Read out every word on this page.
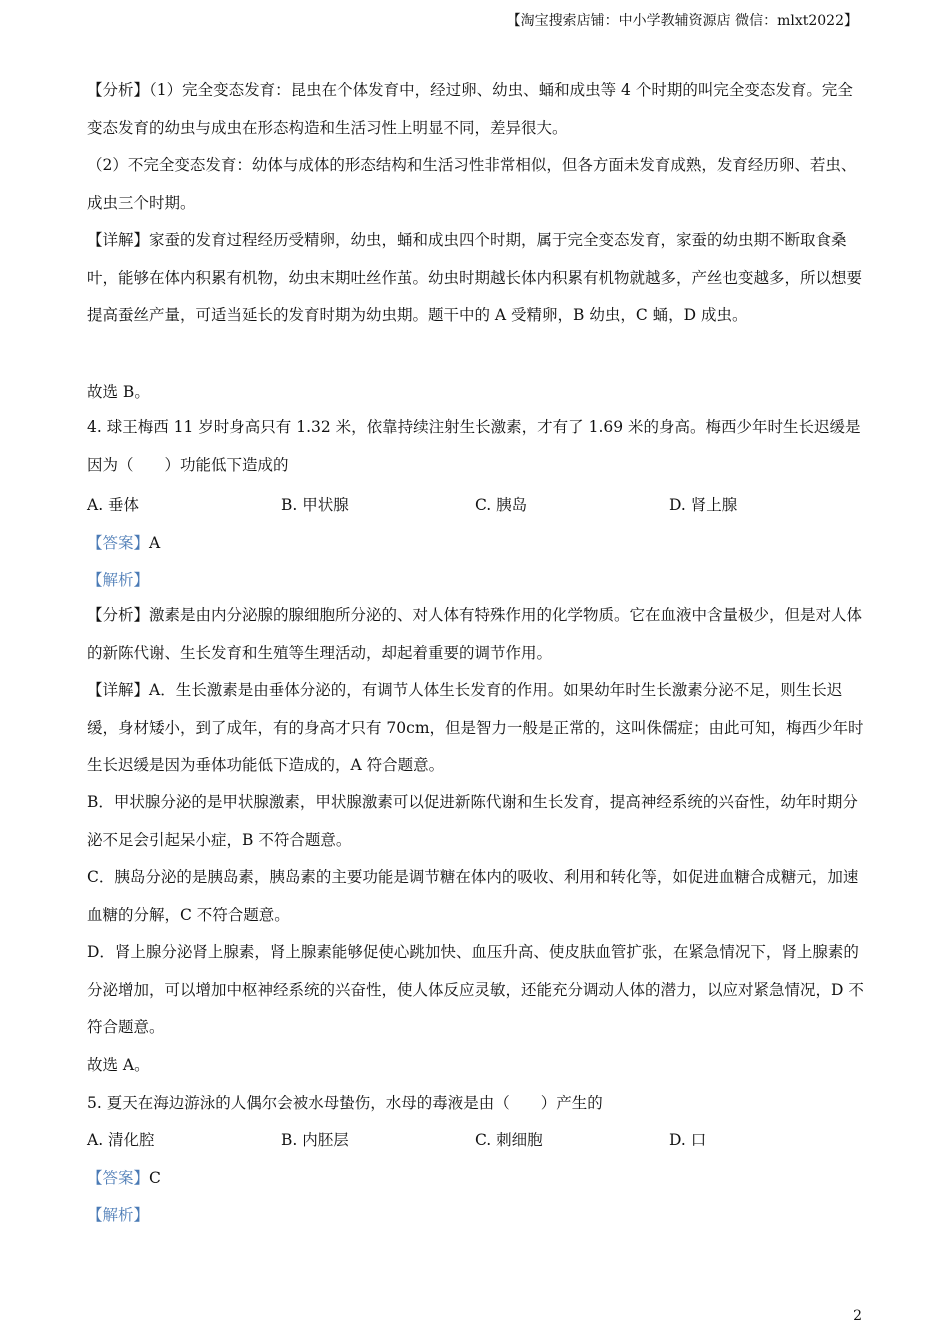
【淘宝搜索店铺：中小学教辅资源店 微信：mlxt2022】
【分析】（1）完全变态发育：昆虫在个体发育中，经过卵、幼虫、蛹和成虫等 4 个时期的叫完全变态发育。完全变态发育的幼虫与成虫在形态构造和生活习性上明显不同，差异很大。
（2）不完全变态发育：幼体与成体的形态结构和生活习性非常相似，但各方面未发育成熟，发育经历卵、若虫、成虫三个时期。
【详解】家蚕的发育过程经历受精卵，幼虫，蛹和成虫四个时期，属于完全变态发育，家蚕的幼虫期不断取食桑叶，能够在体内积累有机物，幼虫末期吐丝作茧。幼虫时期越长体内积累有机物就越多，产丝也变越多，所以想要提高蚕丝产量，可适当延长的发育时期为幼虫期。题干中的 A 受精卵，B 幼虫，C 蛹，D 成虫。
故选 B。
4. 球王梅西 11 岁时身高只有 1.32 米，依靠持续注射生长激素，才有了 1.69 米的身高。梅西少年时生长迟缓是因为（　　）功能低下造成的
A. 垂体	B. 甲状腺	C. 胰岛	D. 肾上腺
【答案】A
【解析】
【分析】激素是由内分泌腺的腺细胞所分泌的、对人体有特殊作用的化学物质。它在血液中含量极少，但是对人体的新陈代谢、生长发育和生殖等生理活动，却起着重要的调节作用。
【详解】A．生长激素是由垂体分泌的，有调节人体生长发育的作用。如果幼年时生长激素分泌不足，则生长迟缓，身材矮小，到了成年，有的身高才只有 70cm，但是智力一般是正常的，这叫侏儒症；由此可知，梅西少年时生长迟缓是因为垂体功能低下造成的，A 符合题意。
B．甲状腺分泌的是甲状腺激素，甲状腺激素可以促进新陈代谢和生长发育，提高神经系统的兴奋性，幼年时期分泌不足会引起呆小症，B 不符合题意。
C．胰岛分泌的是胰岛素，胰岛素的主要功能是调节糖在体内的吸收、利用和转化等，如促进血糖合成糖元，加速血糖的分解，C 不符合题意。
D．肾上腺分泌肾上腺素，肾上腺素能够促使心跳加快、血压升高、使皮肤血管扩张，在紧急情况下，肾上腺素的分泌增加，可以增加中枢神经系统的兴奋性，使人体反应灵敏，还能充分调动人体的潜力，以应对紧急情况，D 不符合题意。
故选 A。
5. 夏天在海边游泳的人偶尔会被水母蛰伤，水母的毒液是由（　　）产生的
A. 清化腔	B. 内胚层	C. 刺细胞	D. 口
【答案】C
【解析】
2
